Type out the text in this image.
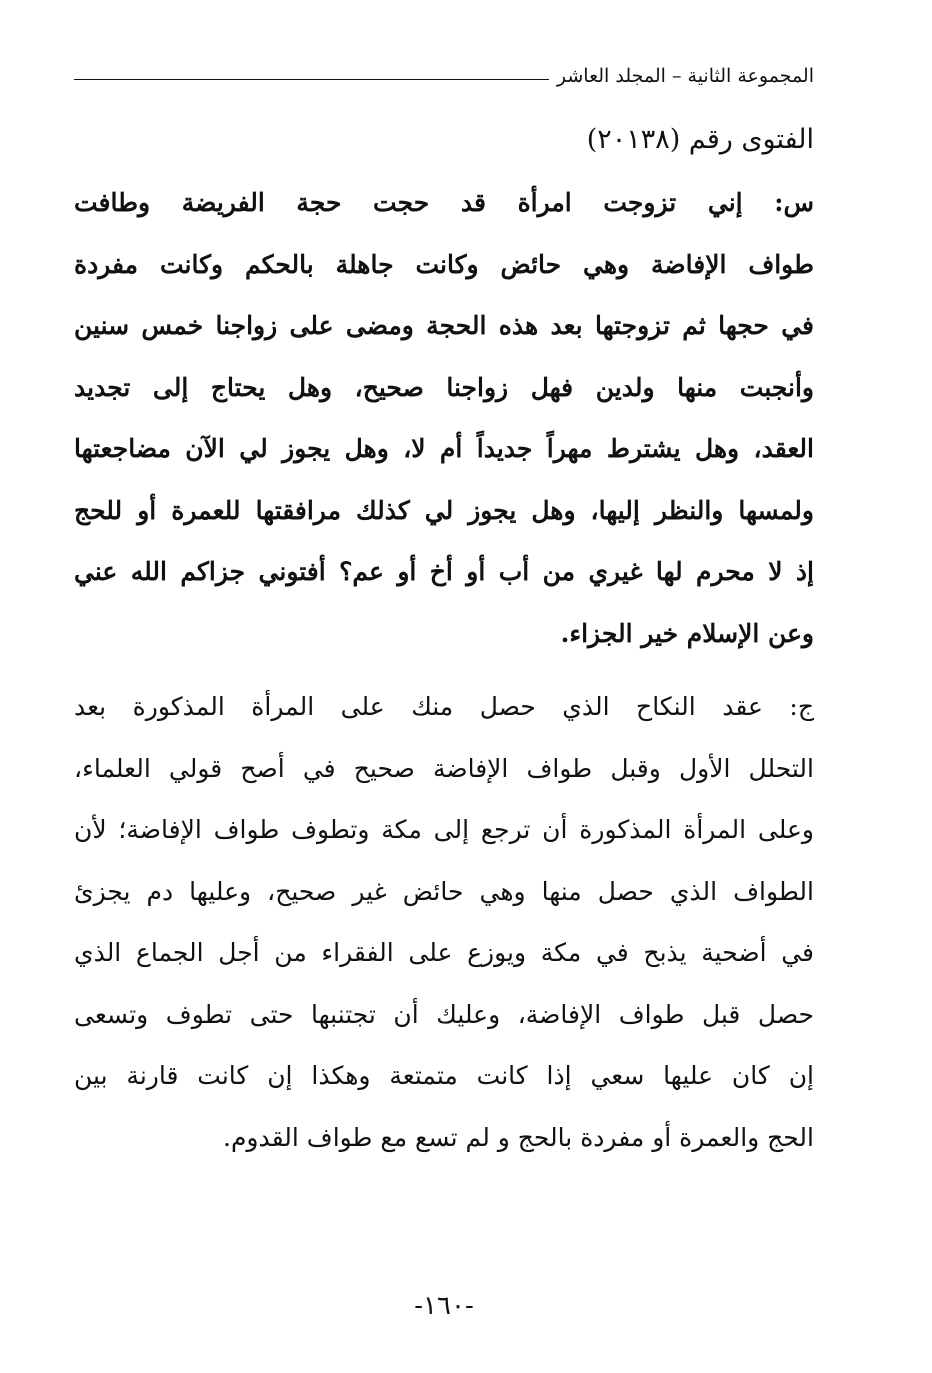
المجموعة الثانية – المجلد العاشر
الفتوى رقم (٢٠١٣٨)
س: إني تزوجت امرأة قد حجت حجة الفريضة وطافت
طواف الإفاضة وهي حائض وكانت جاهلة بالحكم وكانت مفردة
في حجها ثم تزوجتها بعد هذه الحجة ومضى على زواجنا خمس سنين
وأنجبت منها ولدين فهل زواجنا صحيح، وهل يحتاج إلى تجديد
العقد، وهل يشترط مهراً جديداً أم لا، وهل يجوز لي الآن مضاجعتها
ولمسها والنظر إليها، وهل يجوز لي كذلك مرافقتها للعمرة أو للحج
إذ لا محرم لها غيري من أب أو أخ أو عم؟ أفتوني جزاكم الله عني
وعن الإسلام خير الجزاء.
ج: عقد النكاح الذي حصل منك على المرأة المذكورة بعد
التحلل الأول وقبل طواف الإفاضة صحيح في أصح قولي العلماء،
وعلى المرأة المذكورة أن ترجع إلى مكة وتطوف طواف الإفاضة؛ لأن
الطواف الذي حصل منها وهي حائض غير صحيح، وعليها دم يجزئ
في أضحية يذبح في مكة ويوزع على الفقراء من أجل الجماع الذي
حصل قبل طواف الإفاضة، وعليك أن تجتنبها حتى تطوف وتسعى
إن كان عليها سعي إذا كانت متمتعة وهكذا إن كانت قارنة بين
الحج والعمرة أو مفردة بالحج و لم تسع مع طواف القدوم.
-١٦٠-
